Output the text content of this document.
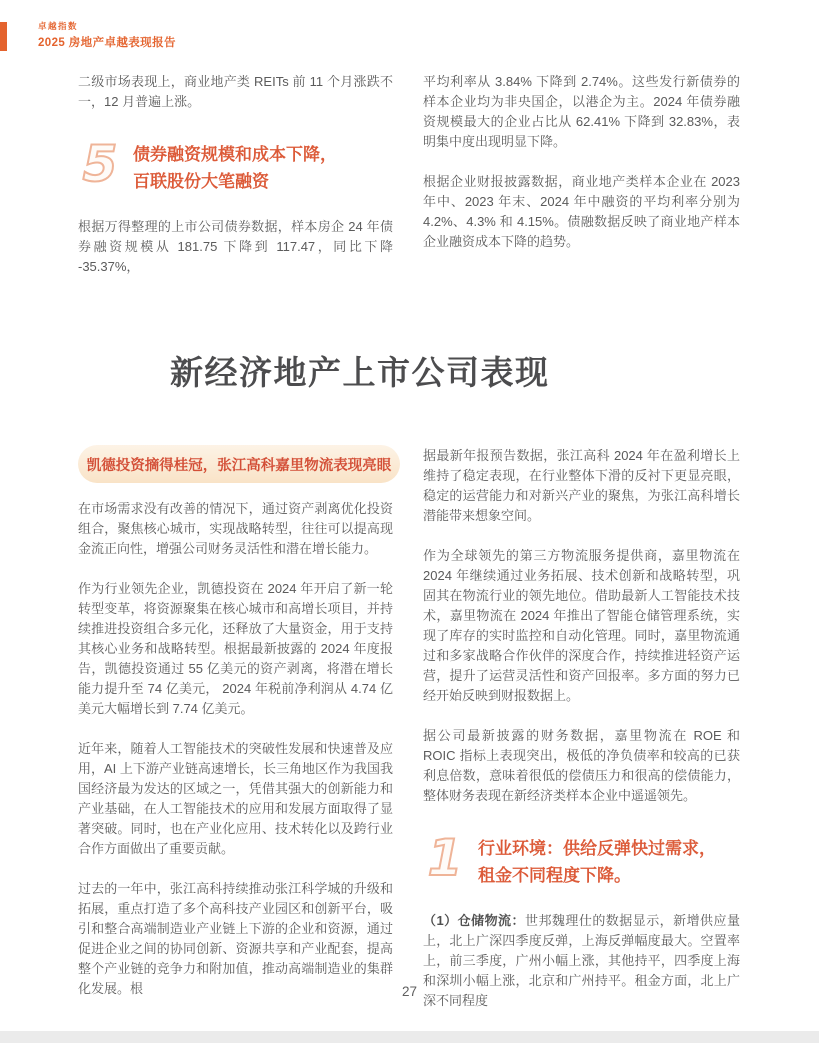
卓越指数
2025 房地产卓越表现报告

二级市场表现上，商业地产类 REITs 前 11 个月涨跌不一，12 月普遍上涨。

5 债券融资规模和成本下降，
百联股份大笔融资

根据万得整理的上市公司债券数据，样本房企 24 年债券融资规模从 181.75 下降到 117.47，同比下降 -35.37%，

平均利率从 3.84% 下降到 2.74%。这些发行新债券的样本企业均为非央国企，以港企为主。2024 年债券融资规模最大的企业占比从 62.41% 下降到 32.83%，表明集中度出现明显下降。

根据企业财报披露数据，商业地产类样本企业在 2023 年中、2023 年末、2024 年中融资的平均利率分别为 4.2%、4.3% 和 4.15%。债融数据反映了商业地产样本企业融资成本下降的趋势。

新经济地产上市公司表现
凯德投资摘得桂冠，张江高科嘉里物流表现亮眼

在市场需求没有改善的情况下，通过资产剥离优化投资组合，聚焦核心城市，实现战略转型，往往可以提高现金流正向性，增强公司财务灵活性和潜在增长能力。

作为行业领先企业，凯德投资在 2024 年开启了新一轮转型变革，将资源聚集在核心城市和高增长项目，并持续推进投资组合多元化，还释放了大量资金，用于支持其核心业务和战略转型。根据最新披露的 2024 年度报告，凯德投资通过 55 亿美元的资产剥离，将潜在增长能力提升至 74 亿美元， 2024 年税前净利润从 4.74 亿美元大幅增长到 7.74 亿美元。

近年来，随着人工智能技术的突破性发展和快速普及应用，AI 上下游产业链高速增长，长三角地区作为我国我国经济最为发达的区域之一，凭借其强大的创新能力和产业基础，在人工智能技术的应用和发展方面取得了显著突破。同时，也在产业化应用、技术转化以及跨行业合作方面做出了重要贡献。

过去的一年中，张江高科持续推动张江科学城的升级和拓展，重点打造了多个高科技产业园区和创新平台，吸引和整合高端制造业产业链上下游的企业和资源，通过促进企业之间的协同创新、资源共享和产业配套，提高整个产业链的竞争力和附加值，推动高端制造业的集群化发展。根

据最新年报预告数据，张江高科 2024 年在盈利增长上维持了稳定表现，在行业整体下滑的反衬下更显亮眼，稳定的运营能力和对新兴产业的聚焦，为张江高科增长潜能带来想象空间。

作为全球领先的第三方物流服务提供商，嘉里物流在 2024 年继续通过业务拓展、技术创新和战略转型，巩固其在物流行业的领先地位。借助最新人工智能技术技术，嘉里物流在 2024 年推出了智能仓储管理系统，实现了库存的实时监控和自动化管理。同时，嘉里物流通过和多家战略合作伙伴的深度合作，持续推进轻资产运营，提升了运营灵活性和资产回报率。多方面的努力已经开始反映到财报数据上。

据公司最新披露的财务数据，嘉里物流在 ROE 和 ROIC 指标上表现突出，极低的净负债率和较高的已获利息倍数，意味着很低的偿债压力和很高的偿债能力，整体财务表现在新经济类样本企业中遥遥领先。

1 行业环境：供给反弹快过需求，
租金不同程度下降。

（1）仓储物流：世邦魏理仕的数据显示，新增供应量上，北上广深四季度反弹，上海反弹幅度最大。空置率上，前三季度，广州小幅上涨，其他持平，四季度上海和深圳小幅上涨，北京和广州持平。租金方面，北上广深不同程度

27
